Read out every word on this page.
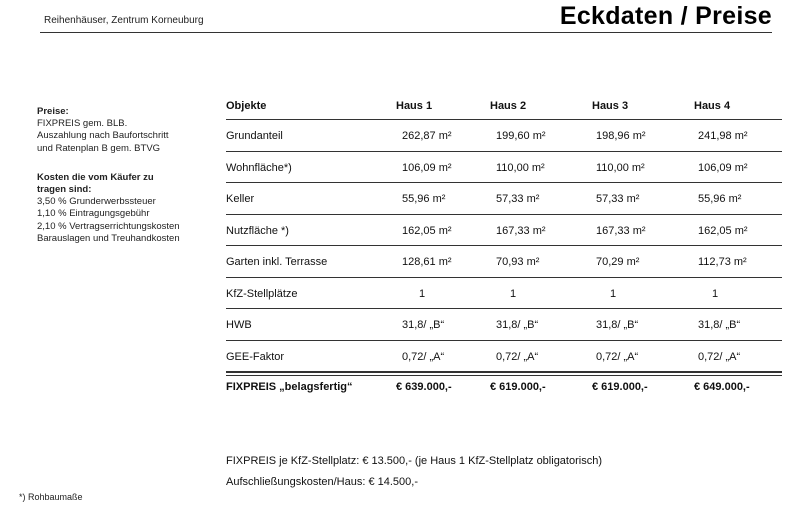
Reihenhäuser, Zentrum Korneuburg	Eckdaten / Preise
Preise:
FIXPREIS gem. BLB.
Auszahlung nach Baufortschritt
und Ratenplan B gem. BTVG
Kosten die vom Käufer zu
tragen sind:
3,50 % Grunderwerbssteuer
1,10 % Eintragungsgebühr
2,10 % Vertragserrichtungskosten
Barauslagen und Treuhandkosten
Objekte	Haus 1	Haus 2	Haus 3	Haus 4
Grundanteil	262,87 m²	199,60 m²	198,96 m²	241,98 m²
Wohnfläche*)	106,09 m²	110,00 m²	110,00 m²	106,09 m²
Keller	55,96 m²	57,33 m²	57,33 m²	55,96 m²
Nutzfläche *)	162,05 m²	167,33 m²	167,33 m²	162,05 m²
Garten inkl. Terrasse	128,61 m²	70,93 m²	70,29 m²	112,73 m²
KfZ-Stellplätze	1	1	1	1
HWB	31,8/ „B“	31,8/ „B“	31,8/ „B“	31,8/ „B“
GEE-Faktor	0,72/ „A“	0,72/ „A“	0,72/ „A“	0,72/ „A“
FIXPREIS „belagsfertig“	€ 639.000,-	€ 619.000,-	€ 619.000,-	€ 649.000,-
FIXPREIS je KfZ-Stellplatz: € 13.500,- (je Haus 1 KfZ-Stellplatz obligatorisch)
Aufschließungskosten/Haus: € 14.500,-
*) Rohbaumaße
